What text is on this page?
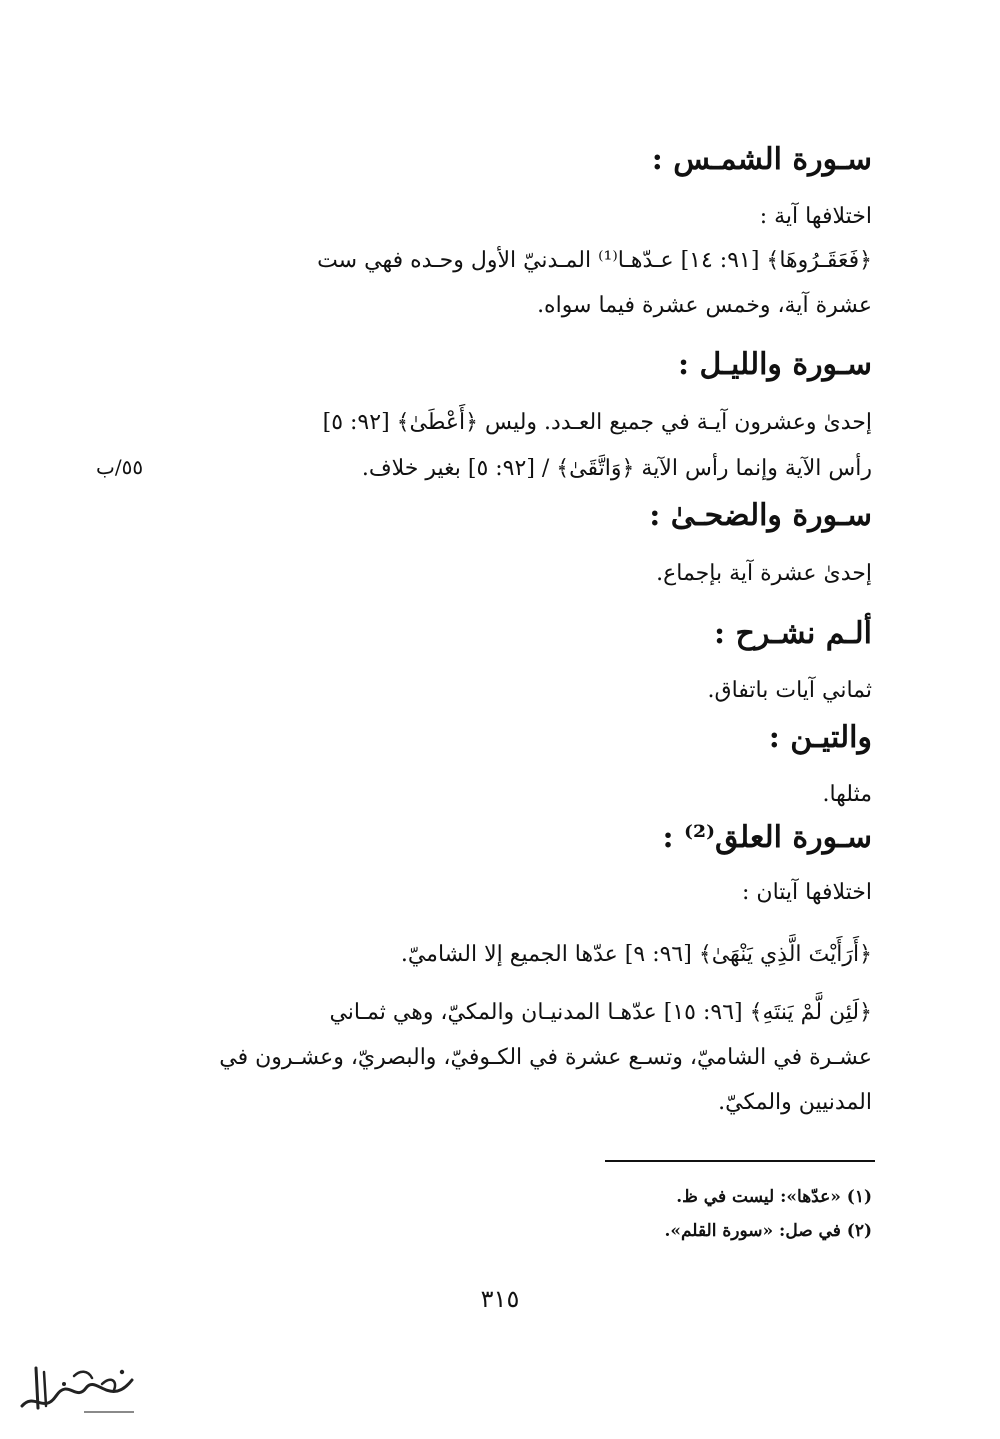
سـورة الشمـس :
اختلافها آية :
﴿فَعَقَـرُوهَا﴾ [٩١: ١٤] عـدّهـا⁽¹⁾ المـدنيّ الأول وحـده فهي ست
عشرة آية، وخمس عشرة فيما سواه.
سـورة والليـل :
إحدىٰ وعشرون آيـة في جميع العـدد. وليس ﴿أَعْطَىٰ﴾ [٩٢: ٥]
رأس الآية وإنما رأس الآية ﴿وَاتَّقَىٰ﴾ / [٩٢: ٥] بغير خلاف.
٥٥/ب
سـورة والضحـىٰ :
إحدىٰ عشرة آية بإجماع.
ألـم نشـرح :
ثماني آيات باتفاق.
والتيـن :
مثلها.
سـورة العلق⁽²⁾ :
اختلافها آيتان :
﴿أَرَأَيْتَ الَّذِي يَنْهَىٰ﴾ [٩٦: ٩] عدّها الجميع إلا الشاميّ.
﴿لَئِن لَّمْ يَنتَهِ﴾ [٩٦: ١٥] عدّهـا المدنيـان والمكيّ، وهي ثمـاني
عشـرة في الشاميّ، وتسـع عشرة في الكـوفيّ، والبصريّ، وعشـرون في
المدنيين والمكيّ.
(١) «عدّها»: ليست في ظ.
(٢) في صل: «سورة القلم».
٣١٥
